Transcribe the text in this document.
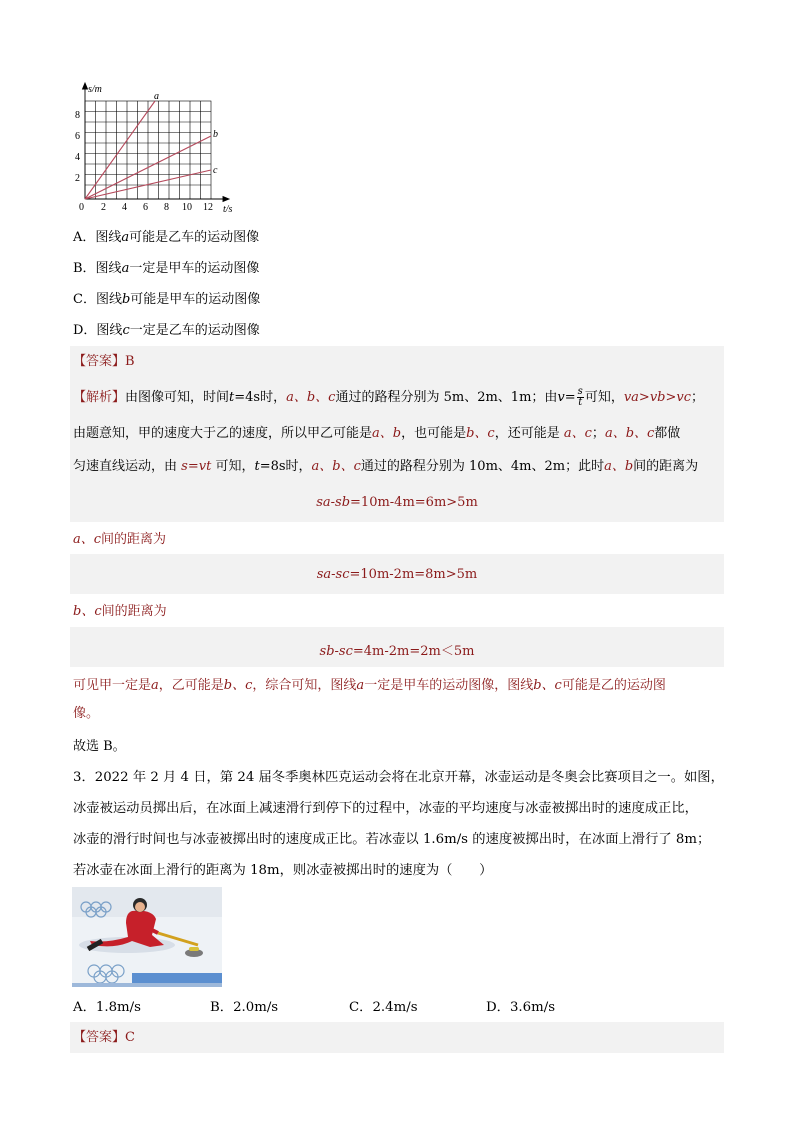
s/m
8
6
4
2
0 2 4 6 8 10 12 t/s
a
b
c
A．图线a可能是乙车的运动图像
B．图线a一定是甲车的运动图像
C．图线b可能是甲车的运动图像
D．图线c一定是乙车的运动图像
【答案】B
【解析】由图像可知，时间t=4s时，a、b、c通过的路程分别为 5m、2m、1m；由$v= \frac{s}{t}$ 可知，va>vb>vc；
由题意知，甲的速度大于乙的速度，所以甲乙可能是a、b，也可能是b、c，还可能是 a、c；a、b、c都做
匀速直线运动，由 s=vt 可知，t=8s时，a、b、c通过的路程分别为 10m、4m、2m；此时a、b间的距离为
sa-sb=10m-4m=6m>5m
a、c间的距离为
sa-sc=10m-2m=8m>5m
b、c间的距离为
sb-sc=4m-2m=2m＜5m
可见甲一定是a，乙可能是b、c，综合可知，图线a一定是甲车的运动图像，图线b、c可能是乙的运动图
像。
故选 B。
3．2022 年 2 月 4 日，第 24 届冬季奥林匹克运动会将在北京开幕，冰壶运动是冬奥会比赛项目之一。如图，
冰壶被运动员掷出后，在冰面上减速滑行到停下的过程中，冰壶的平均速度与冰壶被掷出时的速度成正比，
冰壶的滑行时间也与冰壶被掷出时的速度成正比。若冰壶以 1.6m/s 的速度被掷出时，在冰面上滑行了 8m；
若冰壶在冰面上滑行的距离为 18m，则冰壶被掷出时的速度为（　　）
A．1.8m/s	B．2.0m/s	C．2.4m/s	D．3.6m/s
【答案】C
